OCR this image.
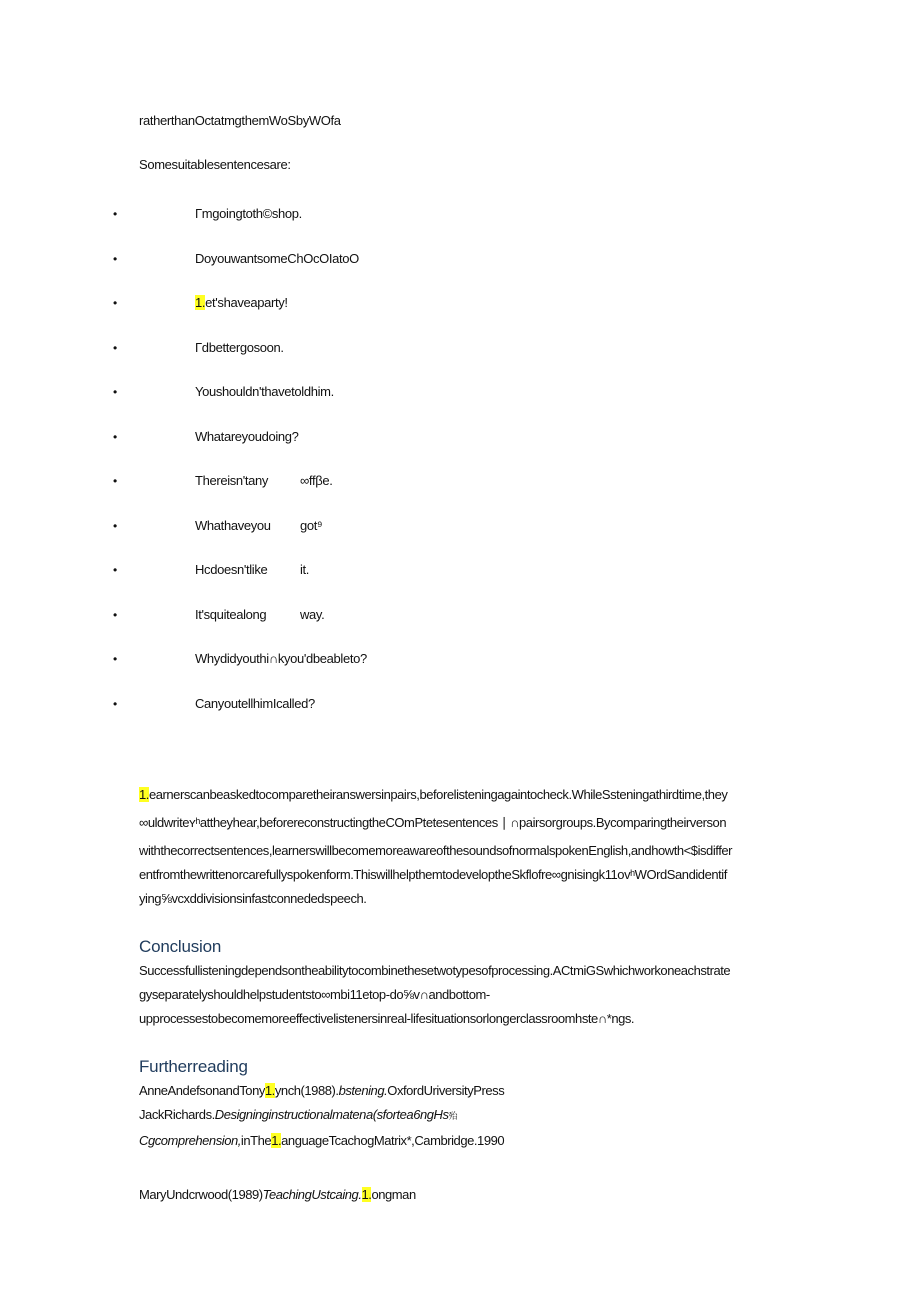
ratherthanOctatmgthemWoSbyWOfa
Somesuitablesentencesare:
•	Γmgoingtoth©shop.
•	DoyouwantsomeChOcOIatoO
•	1.et'shaveaparty!
•	Γdbettergosoon.
•	Youshouldn'thavetoldhim.
•	Whatareyoudoing?
•	Thereisn'tany ∞ffβe.
•	Whathaveyou got⁹
•	Hcdoesn'tlike	it.
•	It'squitealong	way.
•	Whydidyouthi∩kyou'dbeableto?
•	CanyoutellhimIcalled?
1.earnerscanbeaskedtocomparetheiranswersinpairs,beforelisteningagaintocheck.WhileSsteningathirdtime,they
∞uldwriteʏʰattheyhear,beforereconstructingtheCOmPtetesentences ∣ ∩pairsorgroups.Bycomparingtheirverson
withthecorrectsentences,learnerswillbecomemoreawareofthesoundsofnormalspokenEnglish,andhowth<$isdiffer
entfromthewrittenorcarefullyspokenform.ThiswillhelpthemtodeveloptheSkflofre∞gnisingk11ovʰWOrdSandidentif
ying⅝vcxddivisionsinfastconnededspeech.
Conclusion
Successfullisteningdependsontheabilitytocombinethesetwotypesofprocessing.ACtmiGSwhichworkoneachstrate
gyseparatelyshouldhelpstudentsto∞mbi11etop-do⅝v∩andbottom-
upprocessestobecomemoreeffectivelistenersinreal-lifesituationsorlongerclassroomhste∩*ngs.
Furtherreading
AnneAndefsonandTony1.ynch(1988).bstening.OxfordUriversityPress
JackRichards.Designinginstructionalmatena(sfortea6ngHs殆
Cgcomprehension,inThe1.anguageTcachogMatrix*,Cambridge.1990
MaryUndcrwood(1989)TeachingUstcaing.1.ongman
